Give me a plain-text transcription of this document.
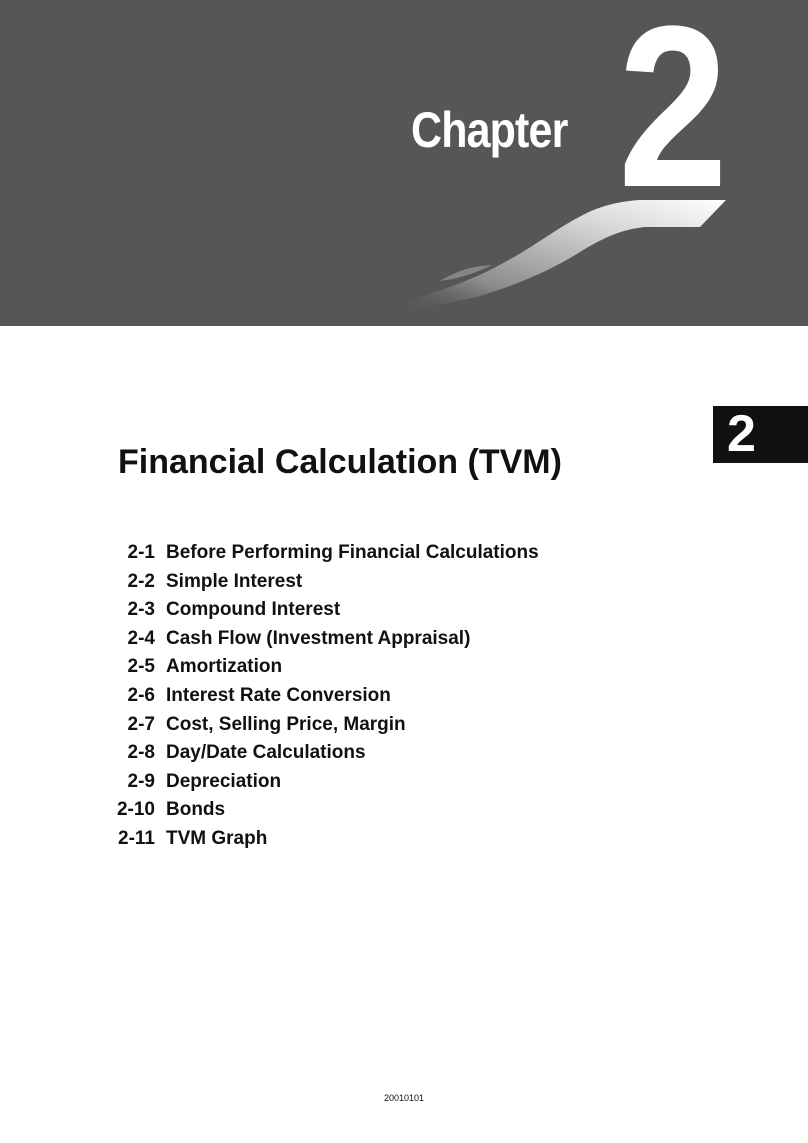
Chapter 2
2
Financial Calculation (TVM)
2-1 Before Performing Financial Calculations
2-2 Simple Interest
2-3 Compound Interest
2-4 Cash Flow (Investment Appraisal)
2-5 Amortization
2-6 Interest Rate Conversion
2-7 Cost, Selling Price, Margin
2-8 Day/Date Calculations
2-9 Depreciation
2-10 Bonds
2-11 TVM Graph
20010101
